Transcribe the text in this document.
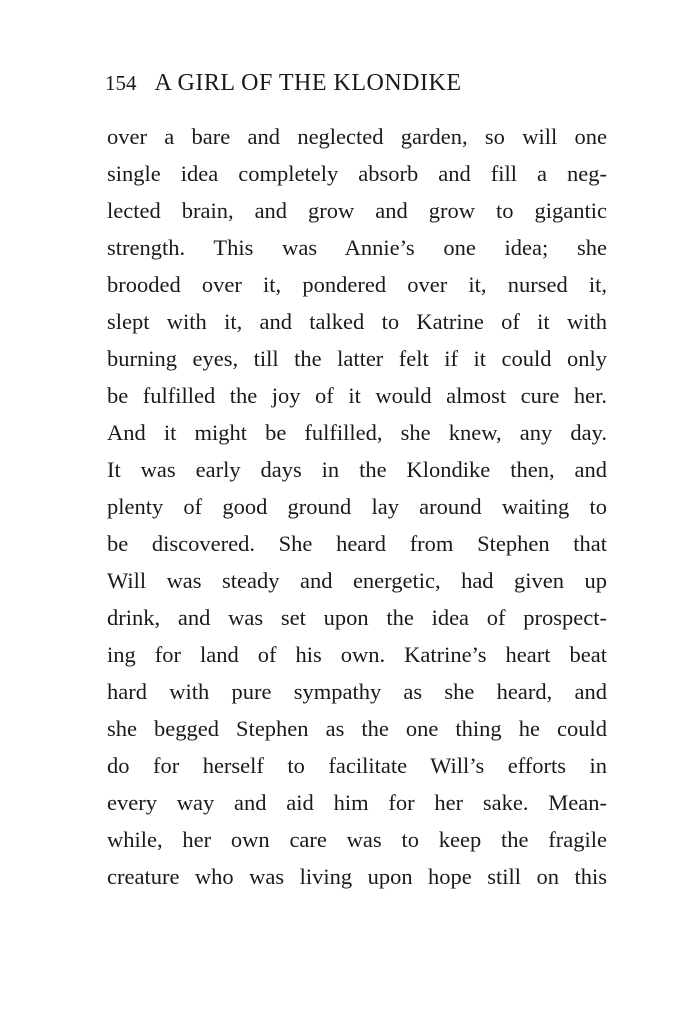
154 A GIRL OF THE KLONDIKE
over a bare and neglected garden, so will one
single idea completely absorb and fill a neg-
lected brain, and grow and grow to gigantic
strength. This was Annie’s one idea; she
brooded over it, pondered over it, nursed it,
slept with it, and talked to Katrine of it with
burning eyes, till the latter felt if it could only
be fulfilled the joy of it would almost cure her.
And it might be fulfilled, she knew, any day.
It was early days in the Klondike then, and
plenty of good ground lay around waiting to
be discovered. She heard from Stephen that
Will was steady and energetic, had given up
drink, and was set upon the idea of prospect-
ing for land of his own. Katrine’s heart beat
hard with pure sympathy as she heard, and
she begged Stephen as the one thing he could
do for herself to facilitate Will’s efforts in
every way and aid him for her sake. Mean-
while, her own care was to keep the fragile
creature who was living upon hope still on this
